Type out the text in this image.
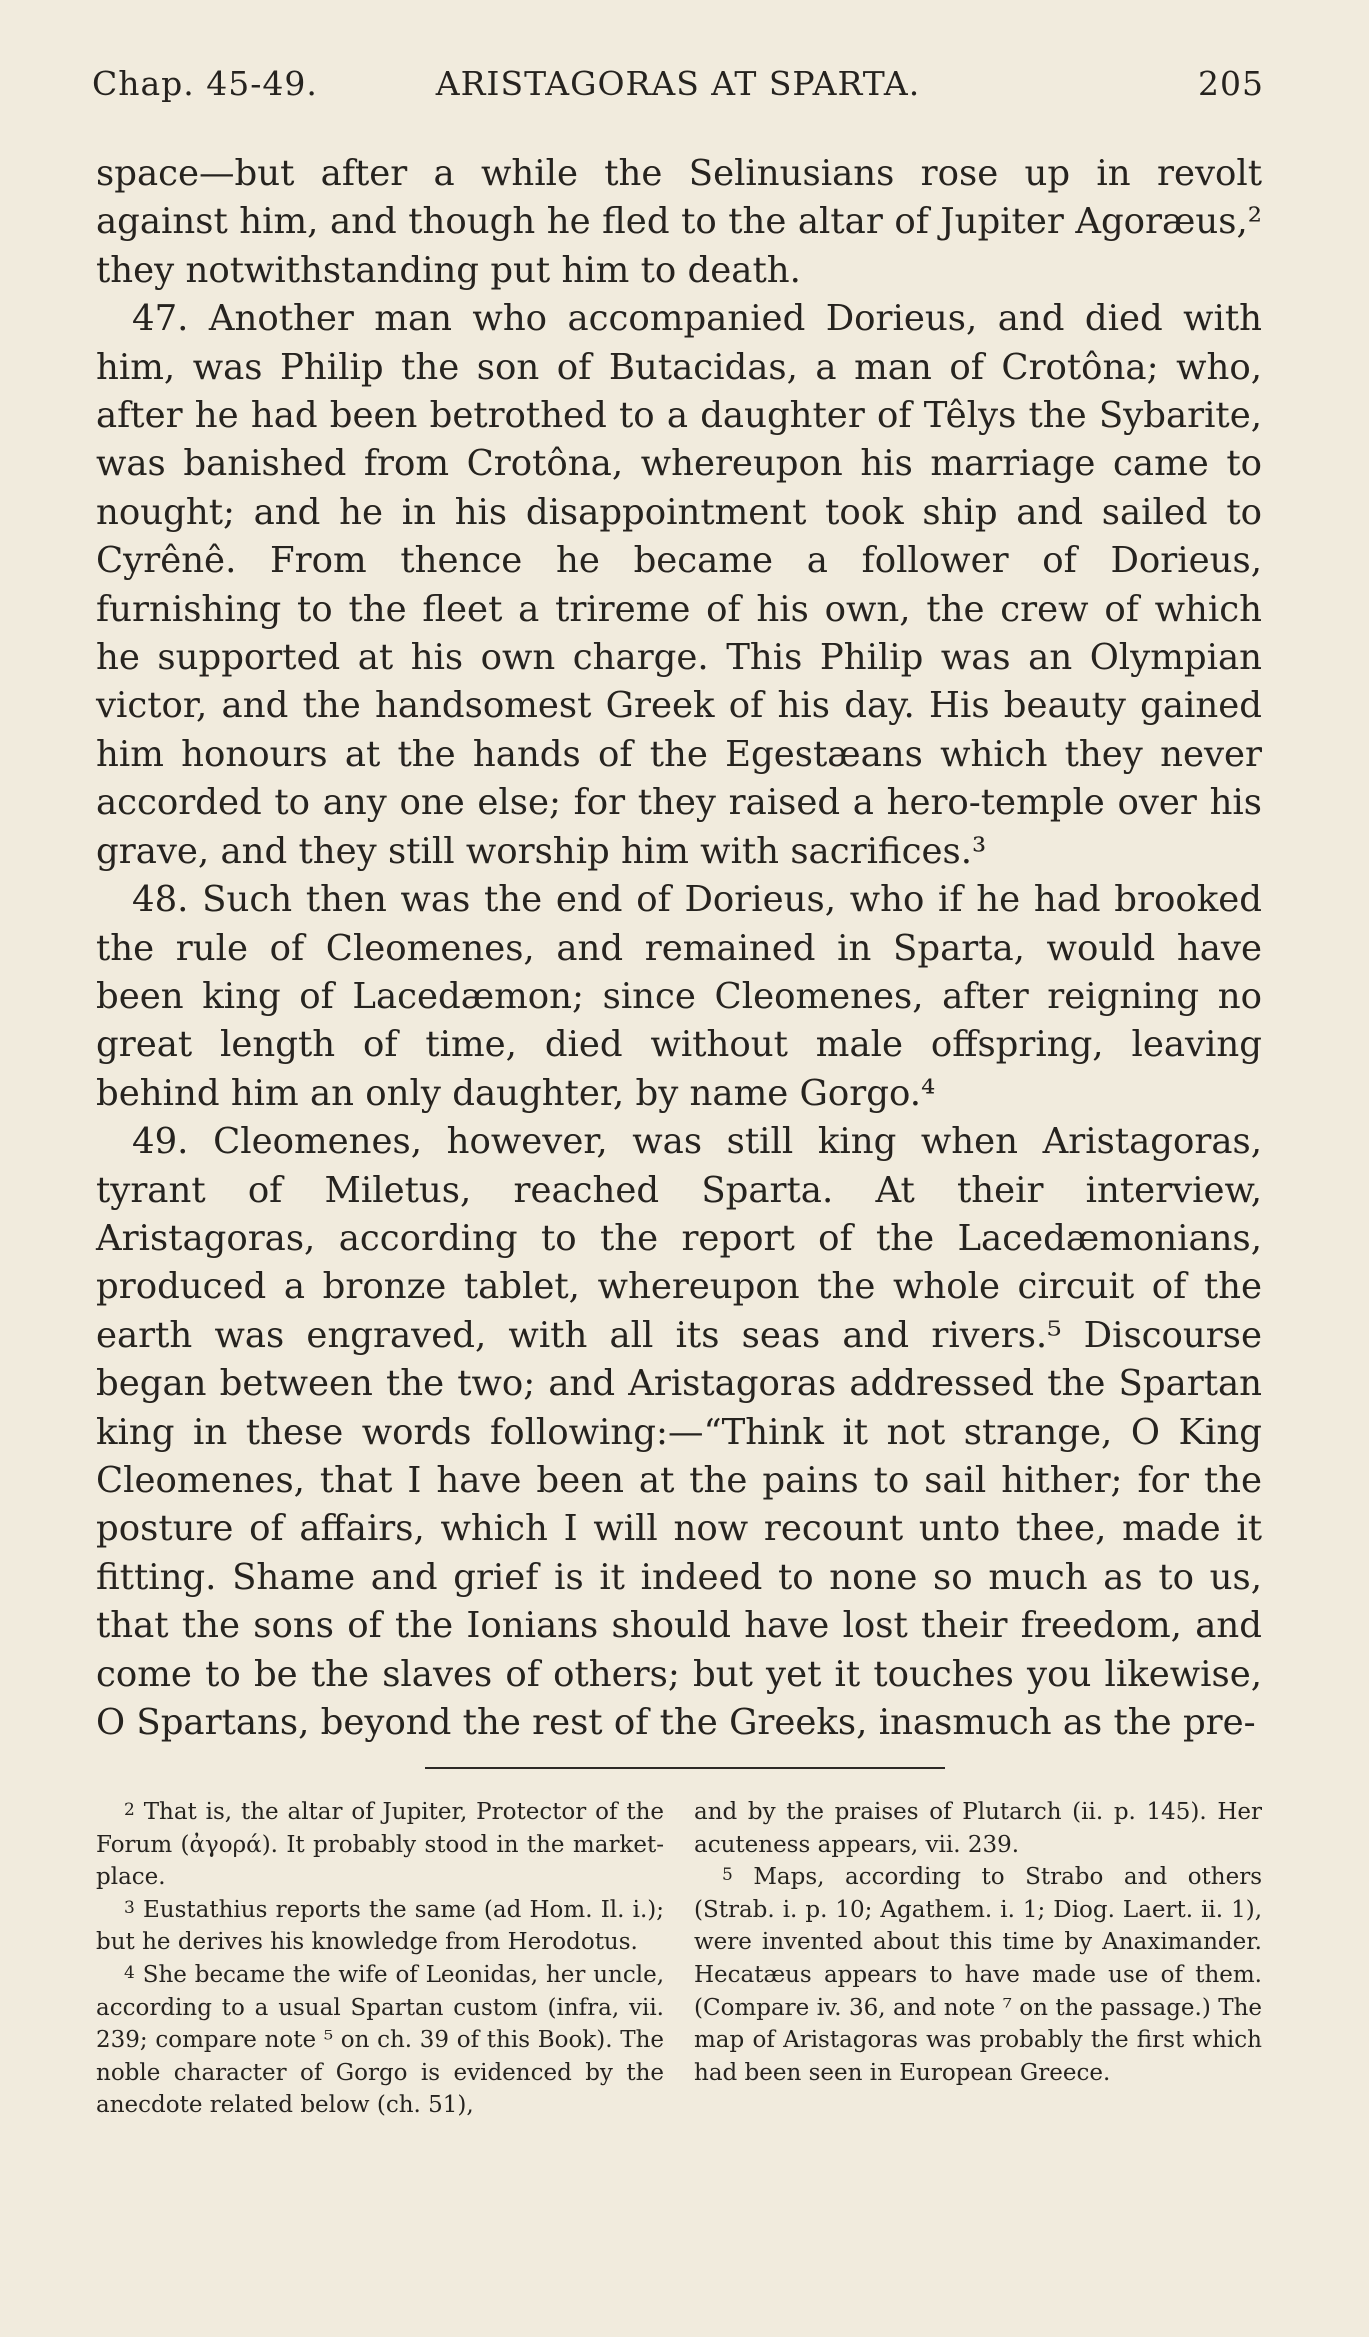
Chap. 45-49.	ARISTAGORAS AT SPARTA.	205

space—but after a while the Selinusians rose up in revolt against him, and though he fled to the altar of Jupiter Agoræus,² they notwithstanding put him to death.

47. Another man who accompanied Dorieus, and died with him, was Philip the son of Butacidas, a man of Crotôna; who, after he had been betrothed to a daughter of Têlys the Sybarite, was banished from Crotôna, whereupon his marriage came to nought; and he in his disappointment took ship and sailed to Cyrênê. From thence he became a follower of Dorieus, furnishing to the fleet a trireme of his own, the crew of which he supported at his own charge. This Philip was an Olympian victor, and the handsomest Greek of his day. His beauty gained him honours at the hands of the Egestæans which they never accorded to any one else; for they raised a hero-temple over his grave, and they still worship him with sacrifices.³

48. Such then was the end of Dorieus, who if he had brooked the rule of Cleomenes, and remained in Sparta, would have been king of Lacedæmon; since Cleomenes, after reigning no great length of time, died without male offspring, leaving behind him an only daughter, by name Gorgo.⁴

49. Cleomenes, however, was still king when Aristagoras, tyrant of Miletus, reached Sparta. At their interview, Aristagoras, according to the report of the Lacedæmonians, produced a bronze tablet, whereupon the whole circuit of the earth was engraved, with all its seas and rivers.⁵ Discourse began between the two; and Aristagoras addressed the Spartan king in these words following:—“Think it not strange, O King Cleomenes, that I have been at the pains to sail hither; for the posture of affairs, which I will now recount unto thee, made it fitting. Shame and grief is it indeed to none so much as to us, that the sons of the Ionians should have lost their freedom, and come to be the slaves of others; but yet it touches you likewise, O Spartans, beyond the rest of the Greeks, inasmuch as the pre-

$^2$ That is, the altar of Jupiter, Protector of the Forum (ἀγορά). It probably stood in the market-place.

$^3$ Eustathius reports the same (ad Hom. Il. i.); but he derives his knowledge from Herodotus.

$^4$ She became the wife of Leonidas, her uncle, according to a usual Spartan custom (infra, vii. 239; compare note ⁵ on ch. 39 of this Book). The noble character of Gorgo is evidenced by the anecdote related below (ch. 51),

and by the praises of Plutarch (ii. p. 145). Her acuteness appears, vii. 239.

$^5$ Maps, according to Strabo and others (Strab. i. p. 10; Agathem. i. 1; Diog. Laert. ii. 1), were invented about this time by Anaximander. Hecatæus appears to have made use of them. (Compare iv. 36, and note ⁷ on the passage.) The map of Aristagoras was probably the first which had been seen in European Greece.
